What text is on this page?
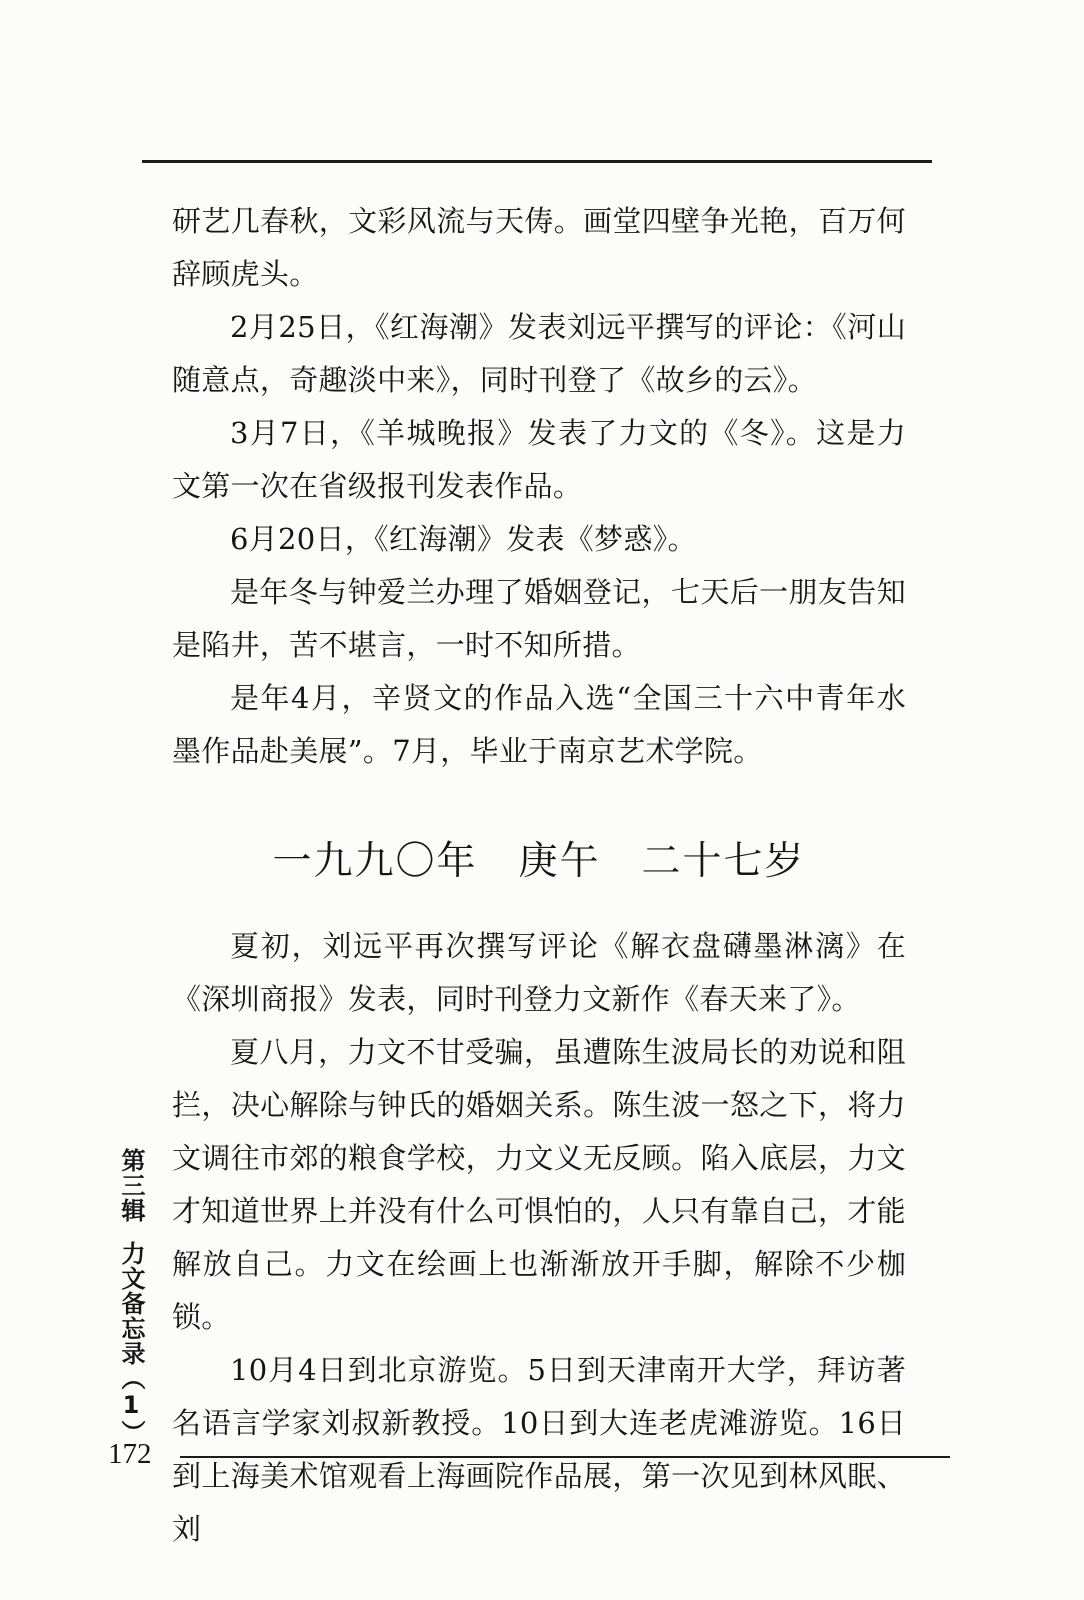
研艺几春秋，文彩风流与天俦。画堂四壁争光艳，百万何辞顾虎头。

2月25日，《红海潮》发表刘远平撰写的评论：《河山随意点，奇趣淡中来》，同时刊登了《故乡的云》。

3月7日，《羊城晚报》发表了力文的《冬》。这是力文第一次在省级报刊发表作品。

6月20日，《红海潮》发表《梦惑》。

是年冬与钟爱兰办理了婚姻登记，七天后一朋友告知是陷井，苦不堪言，一时不知所措。

是年4月，辛贤文的作品入选“全国三十六中青年水墨作品赴美展”。7月，毕业于南京艺术学院。

一九九〇年　庚午　二十七岁

夏初，刘远平再次撰写评论《解衣盘礴墨淋漓》在《深圳商报》发表，同时刊登力文新作《春天来了》。

夏八月，力文不甘受骗，虽遭陈生波局长的劝说和阻拦，决心解除与钟氏的婚姻关系。陈生波一怒之下，将力文调往市郊的粮食学校，力文义无反顾。陷入底层，力文才知道世界上并没有什么可惧怕的，人只有靠自己，才能解放自己。力文在绘画上也渐渐放开手脚，解除不少枷锁。

10月4日到北京游览。5日到天津南开大学，拜访著名语言学家刘叔新教授。10日到大连老虎滩游览。16日到上海美术馆观看上海画院作品展，第一次见到林风眠、刘

第三辑力文备忘录（1）
172
